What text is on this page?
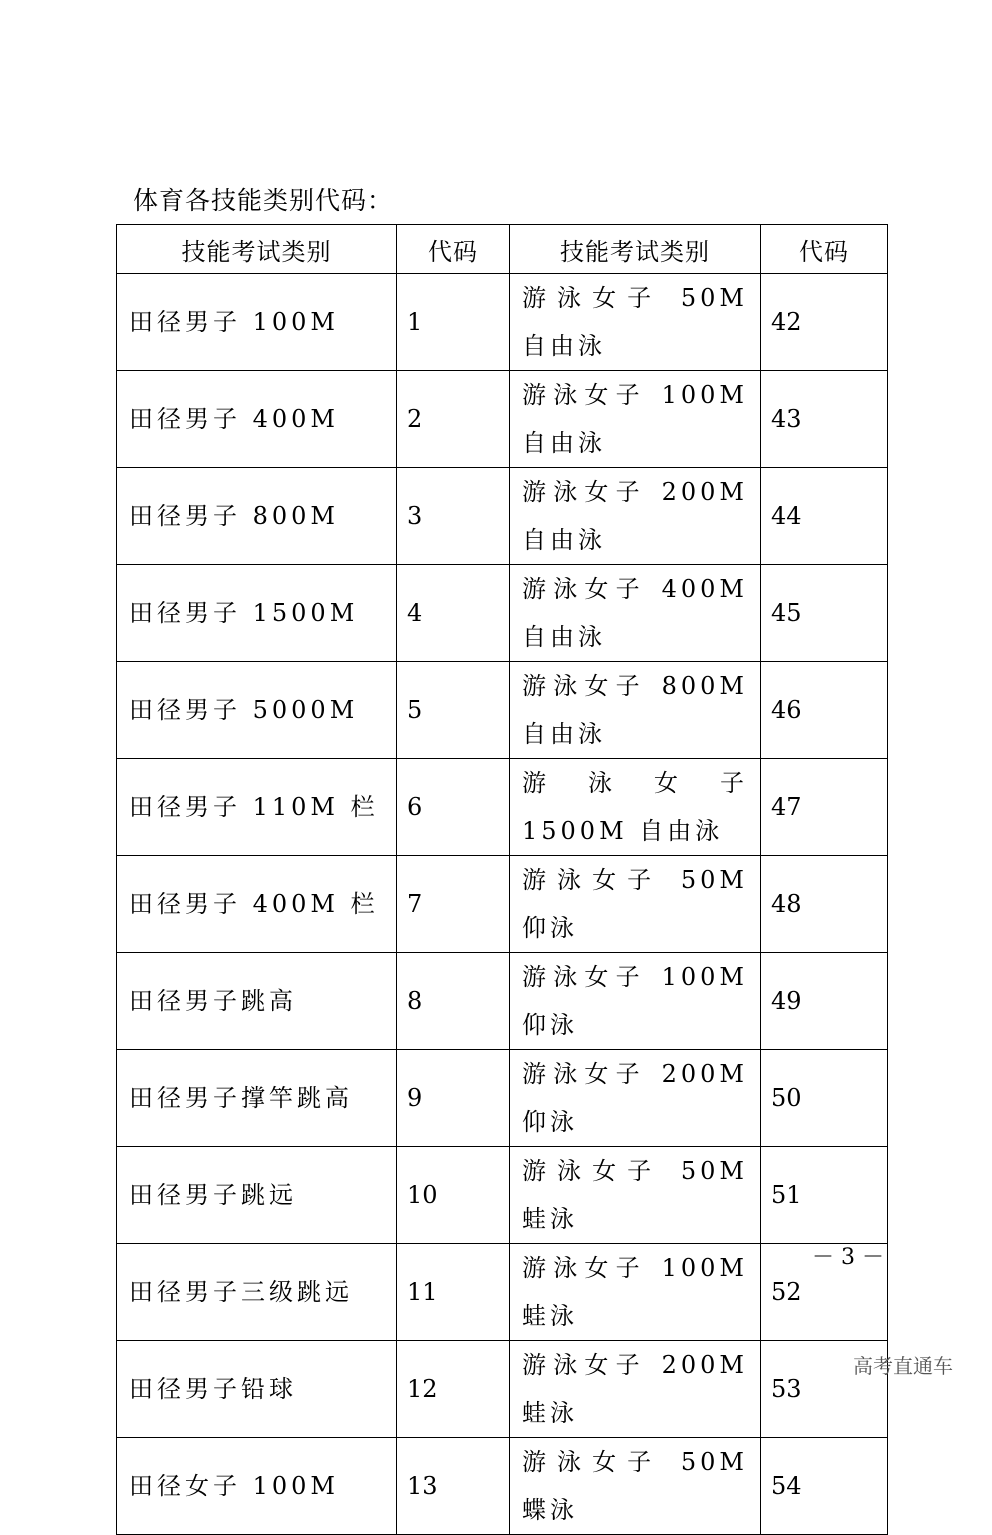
体育各技能类别代码：
技能考试类别	代码	技能考试类别	代码
田径男子 100M	1	游泳女子 50M 自由泳	42
田径男子 400M	2	游泳女子 100M 自由泳	43
田径男子 800M	3	游泳女子 200M 自由泳	44
田径男子 1500M	4	游泳女子 400M 自由泳	45
田径男子 5000M	5	游泳女子 800M 自由泳	46
田径男子 110M 栏	6	游泳女子 1500M 自由泳	47
田径男子 400M 栏	7	游泳女子 50M 仰泳	48
田径男子跳高	8	游泳女子 100M 仰泳	49
田径男子撑竿跳高	9	游泳女子 200M 仰泳	50
田径男子跳远	10	游泳女子 50M 蛙泳	51
田径男子三级跳远	11	游泳女子 100M 蛙泳	52
田径男子铅球	12	游泳女子 200M 蛙泳	53
田径女子 100M	13	游泳女子 50M 蝶泳	54
－ 3 －
高考直通车
